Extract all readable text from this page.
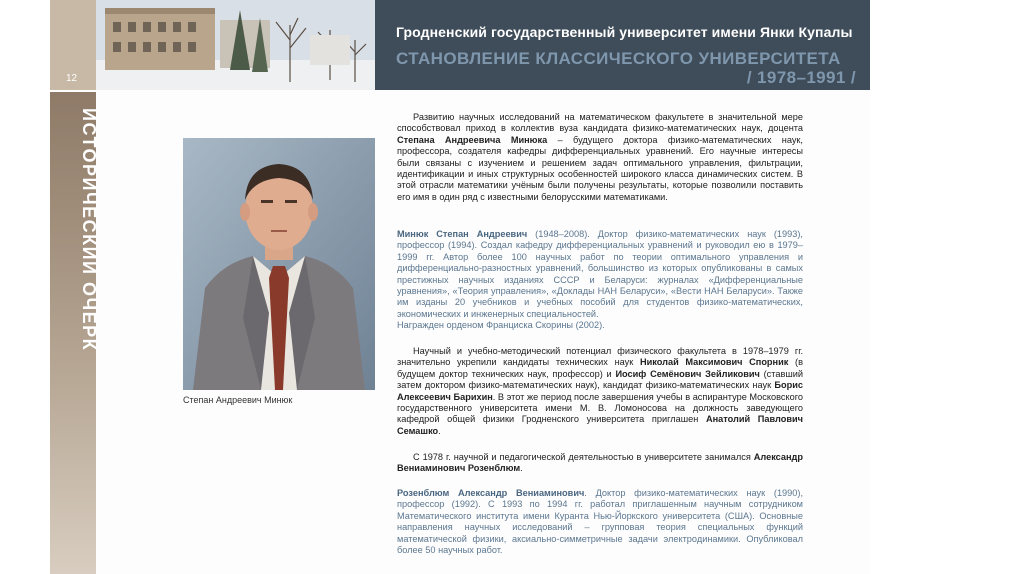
12

Гродненский государственный университет имени Янки Купалы

СТАНОВЛЕНИЕ КЛАССИЧЕСКОГО УНИВЕРСИТЕТА

/ 1978–1991 /

ИСТОРИЧЕСКИЙ ОЧЕРК

Степан Андреевич Минюк

Развитию научных исследований на математическом факультете в значительной мере способствовал приход в коллектив вуза кандидата физико-математических наук, доцента Степана Андреевича Минюка – будущего доктора физико-математических наук, профессора, создателя кафедры дифференциальных уравнений. Его научные интересы были связаны с изучением и решением задач оптимального управления, фильтрации, идентификации и иных структурных особенностей широкого класса динамических систем. В этой отрасли математики учёным были получены результаты, которые позволили поставить его имя в один ряд с известными белорусскими математиками.

Минюк Степан Андреевич (1948–2008). Доктор физико-математических наук (1993), профессор (1994). Создал кафедру дифференциальных уравнений и руководил ею в 1979–1999 гг. Автор более 100 научных работ по теории оптимального управления и дифференциально-разностных уравнений, большинство из которых опубликованы в самых престижных научных изданиях СССР и Беларуси: журналах «Дифференциальные уравнения», «Теория управления», «Доклады НАН Беларуси», «Вести НАН Беларуси». Также им изданы 20 учебников и учебных пособий для студентов физико-математических, экономических и инженерных специальностей.
Награжден орденом Франциска Скорины (2002).

Научный и учебно-методический потенциал физического факультета в 1978–1979 гг. значительно укрепили кандидаты технических наук Николай Максимович Спорник (в будущем доктор технических наук, профессор) и Иосиф Семёнович Зейликович (ставший затем доктором физико-математических наук), кандидат физико-математических наук Борис Алексеевич Барихин. В этот же период после завершения учебы в аспирантуре Московского государственного университета имени М. В. Ломоносова на должность заведующего кафедрой общей физики Гродненского университета приглашен Анатолий Павлович Семашко.

С 1978 г. научной и педагогической деятельностью в университете занимался Александр Вениаминович Розенблюм.

Розенблюм Александр Вениаминович. Доктор физико-математических наук (1990), профессор (1992). С 1993 по 1994 гг. работал приглашенным научным сотрудником Математического института имени Куранта Нью-Йоркского университета (США). Основные направления научных исследований – групповая теория специальных функций математической физики, аксиально-симметричные задачи электродинамики. Опубликовал более 50 научных работ.
